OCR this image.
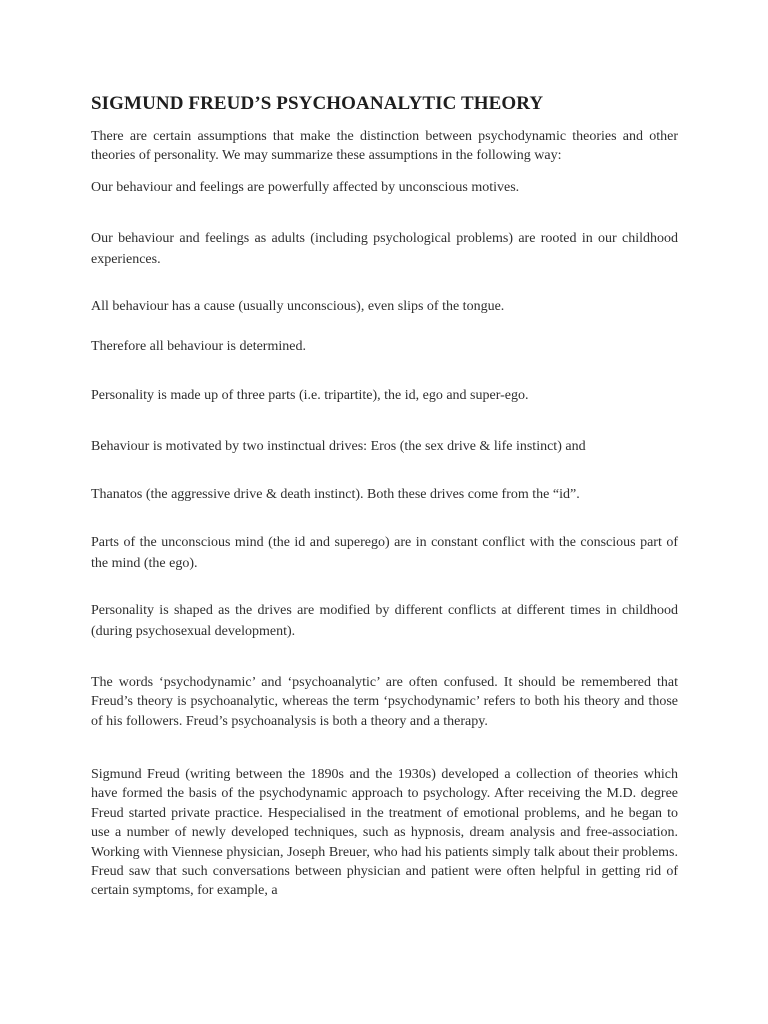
SIGMUND FREUD’S PSYCHOANALYTIC THEORY

There are certain assumptions that make the distinction between psychodynamic theories and other theories of personality. We may summarize these assumptions in the following way:

Our behaviour and feelings are powerfully affected by unconscious motives.

Our behaviour and feelings as adults (including psychological problems) are rooted in our childhood experiences.

All behaviour has a cause (usually unconscious), even slips of the tongue.

Therefore all behaviour is determined.

Personality is made up of three parts (i.e. tripartite), the id, ego and super-ego.

Behaviour is motivated by two instinctual drives: Eros (the sex drive & life instinct) and

Thanatos (the aggressive drive & death instinct). Both these drives come from the “id”.

Parts of the unconscious mind (the id and superego) are in constant conflict with the conscious part of the mind (the ego).

Personality is shaped as the drives are modified by different conflicts at different times in childhood (during psychosexual development).

The words ‘psychodynamic’ and ‘psychoanalytic’ are often confused. It should be remembered that Freud’s theory is psychoanalytic, whereas the term ‘psychodynamic’ refers to both his theory and those of his followers. Freud’s psychoanalysis is both a theory and a therapy.

Sigmund Freud (writing between the 1890s and the 1930s) developed a collection of theories which have formed the basis of the psychodynamic approach to psychology. After receiving the M.D. degree Freud started private practice. Hespecialised in the treatment of emotional problems, and he began to use a number of newly developed techniques, such as hypnosis, dream analysis and free-association. Working with Viennese physician, Joseph Breuer, who had his patients simply talk about their problems. Freud saw that such conversations between physician and patient were often helpful in getting rid of certain symptoms, for example, a
